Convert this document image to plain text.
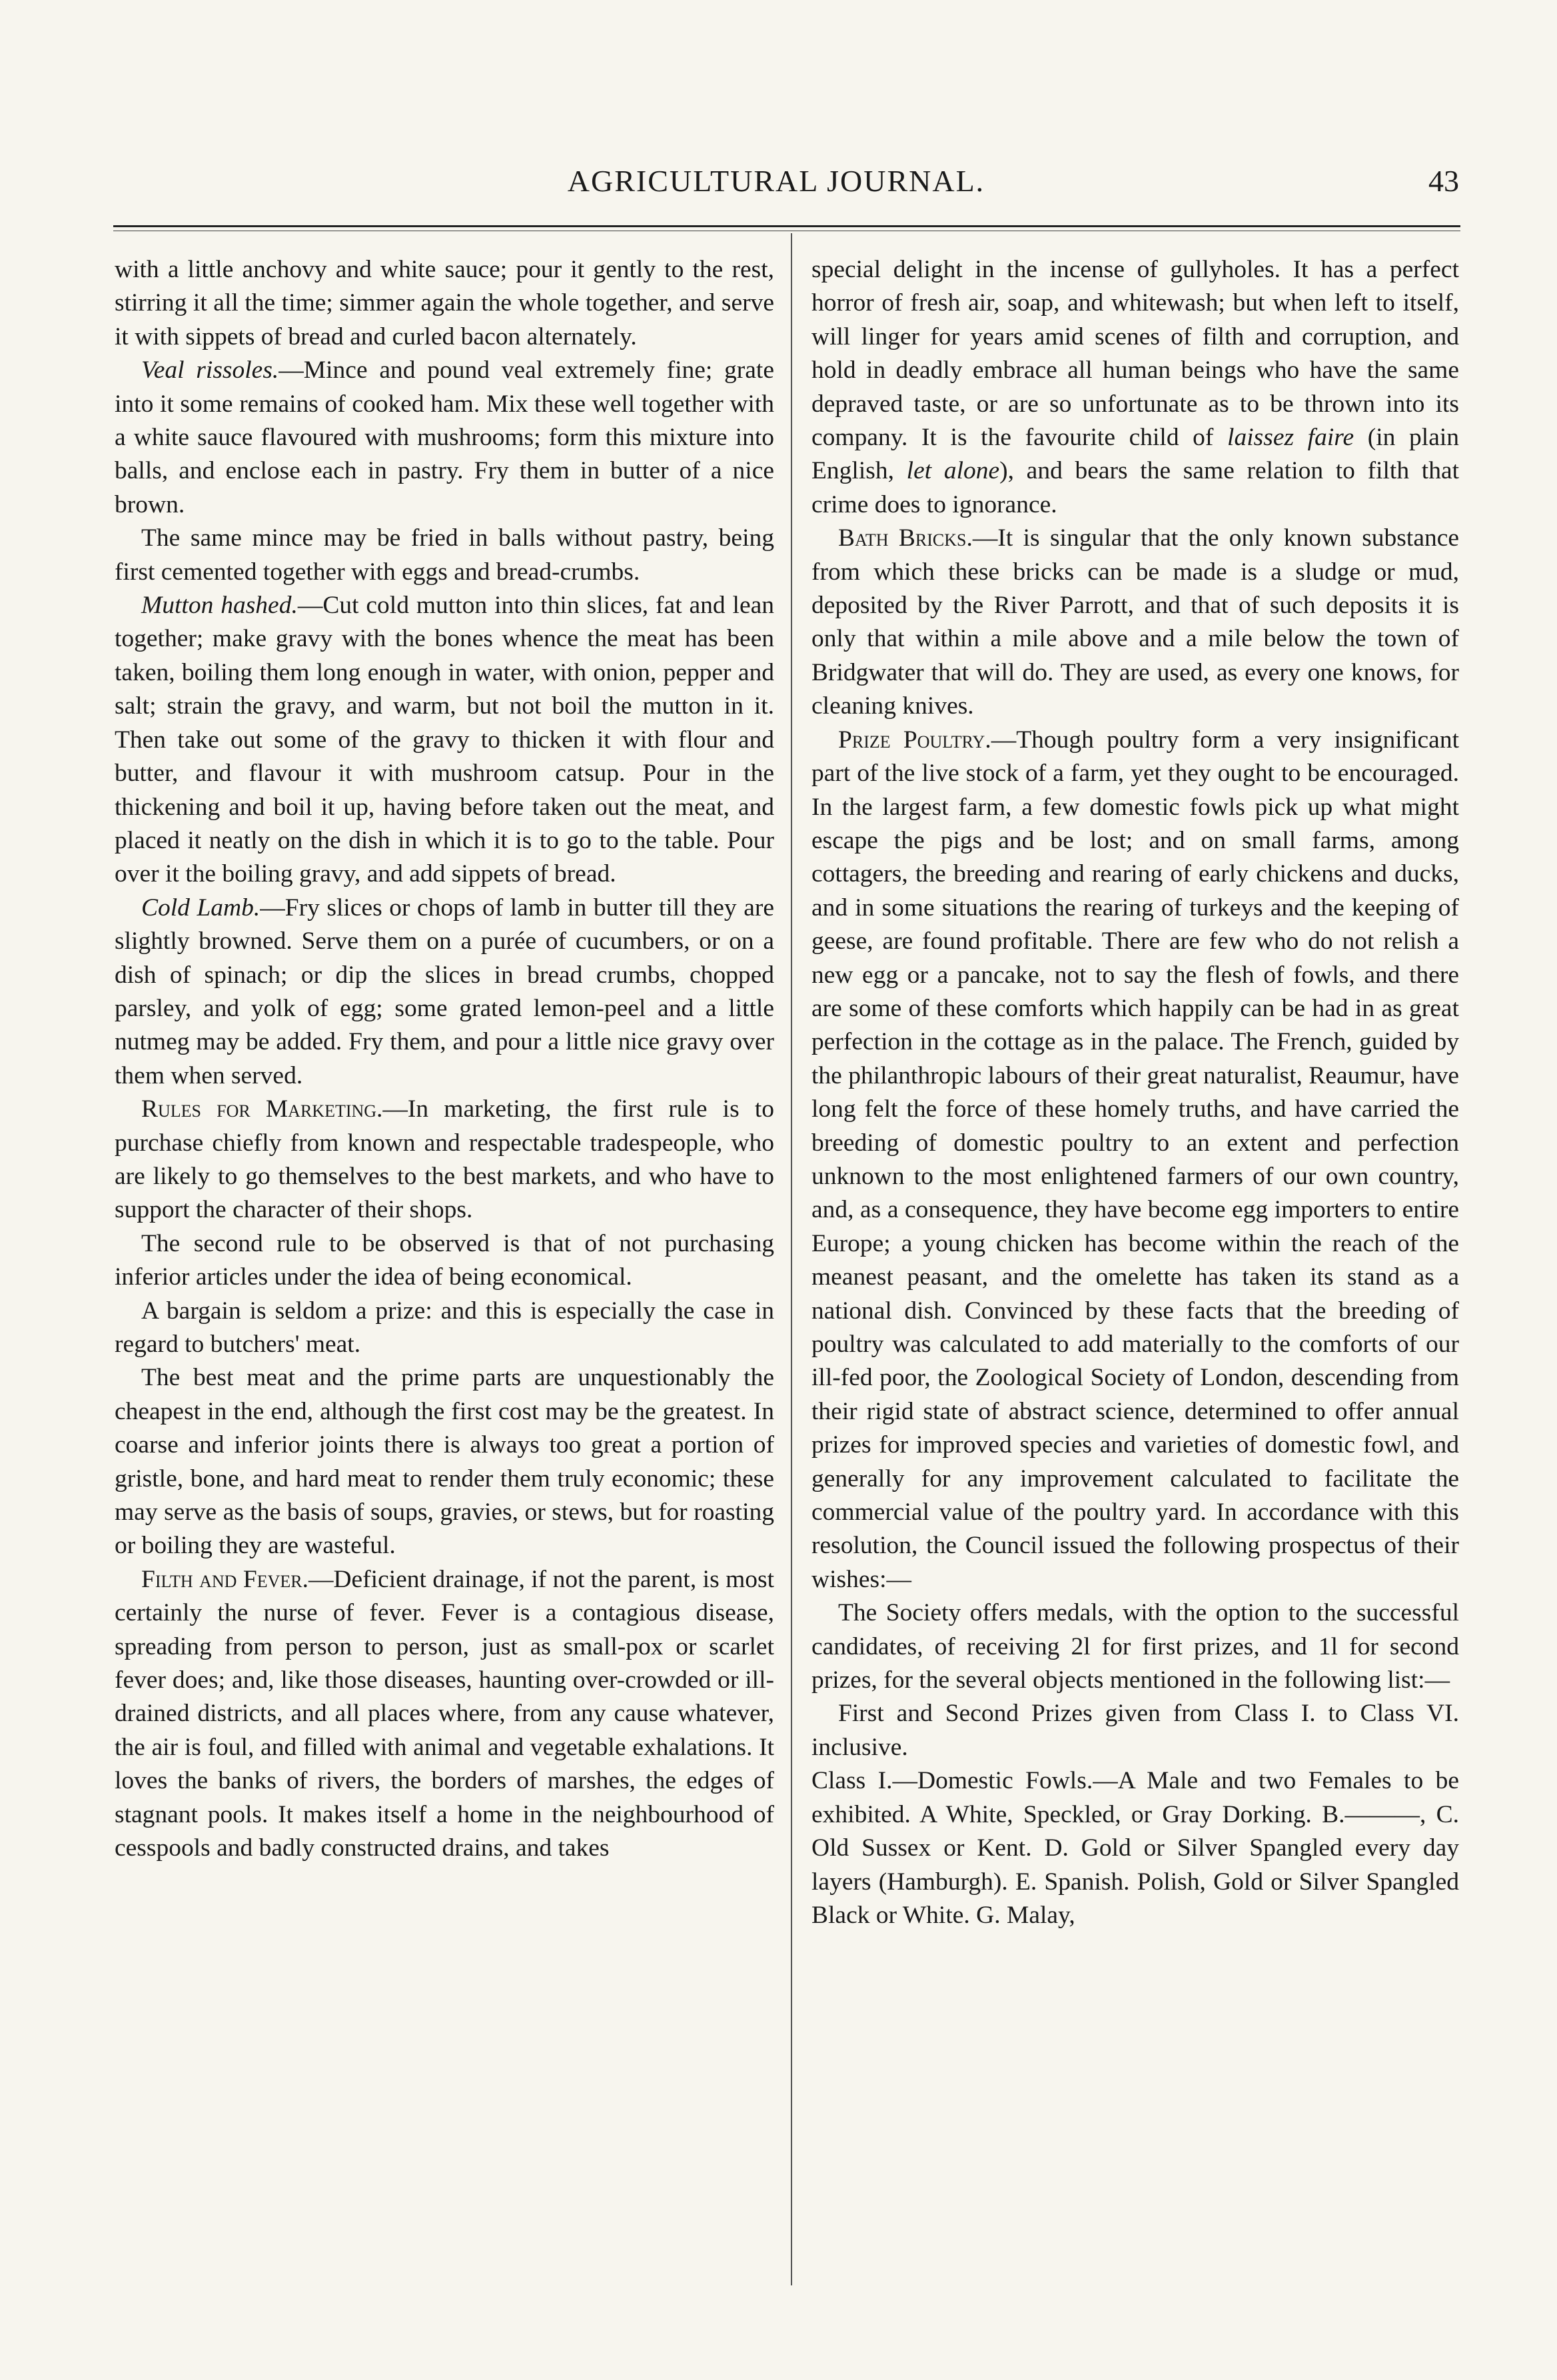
AGRICULTURAL JOURNAL.	43

with a little anchovy and white sauce; pour it gently to the rest, stirring it all the time; simmer again the whole together, and serve it with sippets of bread and curled bacon alternately.

Veal rissoles.—Mince and pound veal extremely fine; grate into it some remains of cooked ham. Mix these well together with a white sauce flavoured with mushrooms; form this mixture into balls, and enclose each in pastry. Fry them in butter of a nice brown.

The same mince may be fried in balls without pastry, being first cemented together with eggs and bread-crumbs.

Mutton hashed.—Cut cold mutton into thin slices, fat and lean together; make gravy with the bones whence the meat has been taken, boiling them long enough in water, with onion, pepper and salt; strain the gravy, and warm, but not boil the mutton in it. Then take out some of the gravy to thicken it with flour and butter, and flavour it with mushroom catsup. Pour in the thickening and boil it up, having before taken out the meat, and placed it neatly on the dish in which it is to go to the table. Pour over it the boiling gravy, and add sippets of bread.

Cold Lamb.—Fry slices or chops of lamb in butter till they are slightly browned. Serve them on a purée of cucumbers, or on a dish of spinach; or dip the slices in bread crumbs, chopped parsley, and yolk of egg; some grated lemon-peel and a little nutmeg may be added. Fry them, and pour a little nice gravy over them when served.

Rules for Marketing.—In marketing, the first rule is to purchase chiefly from known and respectable tradespeople, who are likely to go themselves to the best markets, and who have to support the character of their shops.

The second rule to be observed is that of not purchasing inferior articles under the idea of being economical.

A bargain is seldom a prize: and this is especially the case in regard to butchers' meat.

The best meat and the prime parts are unquestionably the cheapest in the end, although the first cost may be the greatest. In coarse and inferior joints there is always too great a portion of gristle, bone, and hard meat to render them truly economic; these may serve as the basis of soups, gravies, or stews, but for roasting or boiling they are wasteful.

Filth and Fever.—Deficient drainage, if not the parent, is most certainly the nurse of fever. Fever is a contagious disease, spreading from person to person, just as small-pox or scarlet fever does; and, like those diseases, haunting over-crowded or ill-drained districts, and all places where, from any cause whatever, the air is foul, and filled with animal and vegetable exhalations. It loves the banks of rivers, the borders of marshes, the edges of stagnant pools. It makes itself a home in the neighbourhood of cesspools and badly constructed drains, and takes

special delight in the incense of gullyholes. It has a perfect horror of fresh air, soap, and whitewash; but when left to itself, will linger for years amid scenes of filth and corruption, and hold in deadly embrace all human beings who have the same depraved taste, or are so unfortunate as to be thrown into its company. It is the favourite child of laissez faire (in plain English, let alone), and bears the same relation to filth that crime does to ignorance.

Bath Bricks.—It is singular that the only known substance from which these bricks can be made is a sludge or mud, deposited by the River Parrott, and that of such deposits it is only that within a mile above and a mile below the town of Bridgwater that will do. They are used, as every one knows, for cleaning knives.

Prize Poultry.—Though poultry form a very insignificant part of the live stock of a farm, yet they ought to be encouraged. In the largest farm, a few domestic fowls pick up what might escape the pigs and be lost; and on small farms, among cottagers, the breeding and rearing of early chickens and ducks, and in some situations the rearing of turkeys and the keeping of geese, are found profitable. There are few who do not relish a new egg or a pancake, not to say the flesh of fowls, and there are some of these comforts which happily can be had in as great perfection in the cottage as in the palace. The French, guided by the philanthropic labours of their great naturalist, Reaumur, have long felt the force of these homely truths, and have carried the breeding of domestic poultry to an extent and perfection unknown to the most enlightened farmers of our own country, and, as a consequence, they have become egg importers to entire Europe; a young chicken has become within the reach of the meanest peasant, and the omelette has taken its stand as a national dish. Convinced by these facts that the breeding of poultry was calculated to add materially to the comforts of our ill-fed poor, the Zoological Society of London, descending from their rigid state of abstract science, determined to offer annual prizes for improved species and varieties of domestic fowl, and generally for any improvement calculated to facilitate the commercial value of the poultry yard. In accordance with this resolution, the Council issued the following prospectus of their wishes:—

The Society offers medals, with the option to the successful candidates, of receiving 2l for first prizes, and 1l for second prizes, for the several objects mentioned in the following list:—

First and Second Prizes given from Class I. to Class VI. inclusive.

Class I.—Domestic Fowls.—A Male and two Females to be exhibited. A White, Speckled, or Gray Dorking. B.———, C. Old Sussex or Kent. D. Gold or Silver Spangled every day layers (Hamburgh). E. Spanish. Polish, Gold or Silver Spangled Black or White. G. Malay,
